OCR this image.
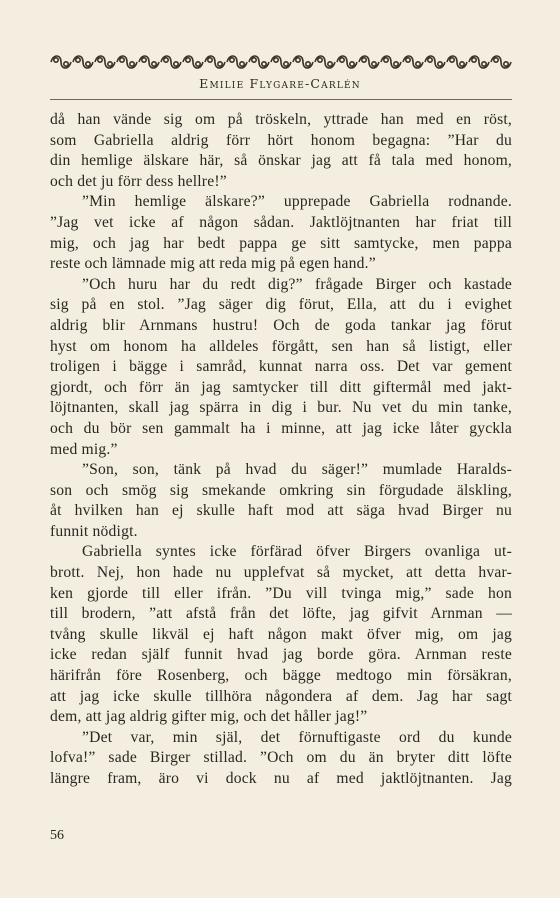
Emilie Flygare-Carlén
då han vände sig om på tröskeln, yttrade han med en röst,
som Gabriella aldrig förr hört honom begagna: ”Har du
din hemlige älskare här, så önskar jag att få tala med honom,
och det ju förr dess hellre!”
”Min hemlige älskare?” upprepade Gabriella rodnande.
”Jag vet icke af någon sådan. Jaktlöjtnanten har friat till
mig, och jag har bedt pappa ge sitt samtycke, men pappa
reste och lämnade mig att reda mig på egen hand.”
”Och huru har du redt dig?” frågade Birger och kastade
sig på en stol. ”Jag säger dig förut, Ella, att du i evighet
aldrig blir Arnmans hustru! Och de goda tankar jag förut
hyst om honom ha alldeles förgått, sen han så listigt, eller
troligen i bägge i samråd, kunnat narra oss. Det var gement
gjordt, och förr än jag samtycker till ditt giftermål med jakt-
löjtnanten, skall jag spärra in dig i bur. Nu vet du min tanke,
och du bör sen gammalt ha i minne, att jag icke låter gyckla
med mig.”
”Son, son, tänk på hvad du säger!” mumlade Haralds-
son och smög sig smekande omkring sin förgudade älskling,
åt hvilken han ej skulle haft mod att säga hvad Birger nu
funnit nödigt.
Gabriella syntes icke förfärad öfver Birgers ovanliga ut-
brott. Nej, hon hade nu upplefvat så mycket, att detta hvar-
ken gjorde till eller ifrån. ”Du vill tvinga mig,” sade hon
till brodern, ”att afstå från det löfte, jag gifvit Arnman —
tvång skulle likväl ej haft någon makt öfver mig, om jag
icke redan själf funnit hvad jag borde göra. Arnman reste
härifrån före Rosenberg, och bägge medtogo min försäkran,
att jag icke skulle tillhöra någondera af dem. Jag har sagt
dem, att jag aldrig gifter mig, och det håller jag!”
”Det var, min själ, det förnuftigaste ord du kunde
lofva!” sade Birger stillad. ”Och om du än bryter ditt löfte
längre fram, äro vi dock nu af med jaktlöjtnanten. Jag
56
